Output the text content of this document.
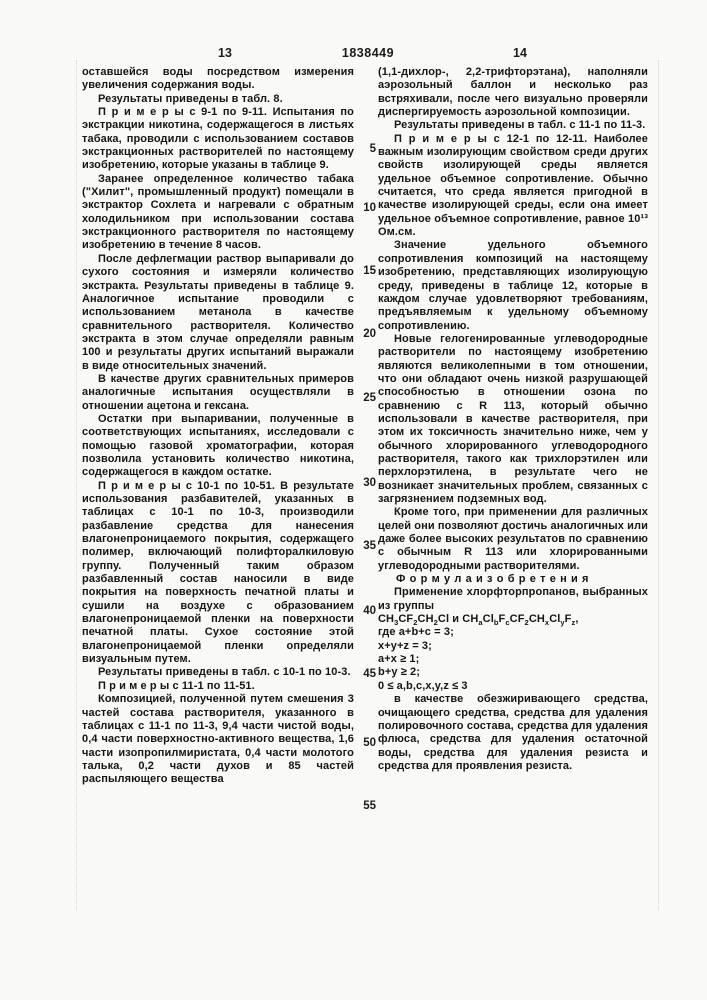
13	1838449	14
5
10
15
20
25
30
35
40
45
50
55

оставшейся воды посредством измерения увеличения содержания воды.

Результаты приведены в табл. 8.

П р и м е р ы с 9-1 по 9-11. Испытания по экстракции никотина, содержащегося в листьях табака, проводили с использованием составов экстракционных растворителей по настоящему изобретению, которые указаны в таблице 9.

Заранее определенное количество табака ("Хилит", промышленный продукт) помещали в экстрактор Сохлета и нагревали с обратным холодильником при использовании состава экстракционного растворителя по настоящему изобретению в течение 8 часов.

После дефлегмации раствор выпаривали до сухого состояния и измеряли количество экстракта. Результаты приведены в таблице 9. Аналогичное испытание проводили с использованием метанола в качестве сравнительного растворителя. Количество экстракта в этом случае определяли равным 100 и результаты других испытаний выражали в виде относительных значений.

В качестве других сравнительных примеров аналогичные испытания осуществляли в отношении ацетона и гексана.

Остатки при выпаривании, полученные в соответствующих испытаниях, исследовали с помощью газовой хроматографии, которая позволила установить количество никотина, содержащегося в каждом остатке.

П р и м е р ы с 10-1 по 10-51. В результате использования разбавителей, указанных в таблицах с 10-1 по 10-3, производили разбавление средства для нанесения влагонепроницаемого покрытия, содержащего полимер, включающий полифторалкиловую группу. Полученный таким образом разбавленный состав наносили в виде покрытия на поверхность печатной платы и сушили на воздухе с образованием влагонепроницаемой пленки на поверхности печатной платы. Сухое состояние этой влагонепроницаемой пленки определяли визуальным путем.

Результаты приведены в табл. с 10-1 по 10-3.

П р и м е р ы с 11-1 по 11-51.

Композицией, полученной путем смешения 3 частей состава растворителя, указанного в таблицах с 11-1 по 11-3, 9,4 части чистой воды, 0,4 части поверхностно-активного вещества, 1,6 части изопропилмиристата, 0,4 части молотого талька, 0,2 части духов и 85 частей распыляющего вещества

(1,1-дихлор-, 2,2-трифторэтана), наполняли аэрозольный баллон и несколько раз встряхивали, после чего визуально проверяли диспергируемость аэрозольной композиции.

Результаты приведены в табл. с 11-1 по 11-3.

П р и м е р ы с 12-1 по 12-11. Наиболее важным изолирующим свойством среди других свойств изолирующей среды является удельное объемное сопротивление. Обычно считается, что среда является пригодной в качестве изолирующей среды, если она имеет удельное объемное сопротивление, равное 10¹³ Ом.см.

Значение удельного объемного сопротивления композиций на настоящему изобретению, представляющих изолирующую среду, приведены в таблице 12, которые в каждом случае удовлетворяют требованиям, предъявляемым к удельному объемному сопротивлению.

Новые гелогенированные углеводородные растворители по настоящему изобретению являются великолепными в том отношении, что они обладают очень низкой разрушающей способностью в отношении озона по сравнению с R 113, который обычно использовали в качестве растворителя, при этом их токсичность значительно ниже, чем у обычного хлорированного углеводородного растворителя, такого как трихлорэтилен или перхлорэтилена, в результате чего не возникает значительных проблем, связанных с загрязнением подземных вод.

Кроме того, при применении для различных целей они позволяют достичь аналогичных или даже более высоких результатов по сравнению с обычным R 113 или хлорированными углеводородными растворителями.

Ф о р м у л а и з о б р е т е н и я

Применение хлорфторпропанов, выбранных из группы

$CH_3CF_2CH_2Cl$ и $CH_aCl_bF_cCF_2CH_xCl_yF_z$,

где a+b+c = 3;

x+y+z = 3;

a+x ≥ 1;

b+y ≥ 2;

0 ≤ a,b,c,x,y,z ≤ 3

в качестве обезжиривающего средства, очищающего средства, средства для удаления полировочного состава, средства для удаления флюса, средства для удаления остаточной воды, средства для удаления резиста и средства для проявления резиста.
